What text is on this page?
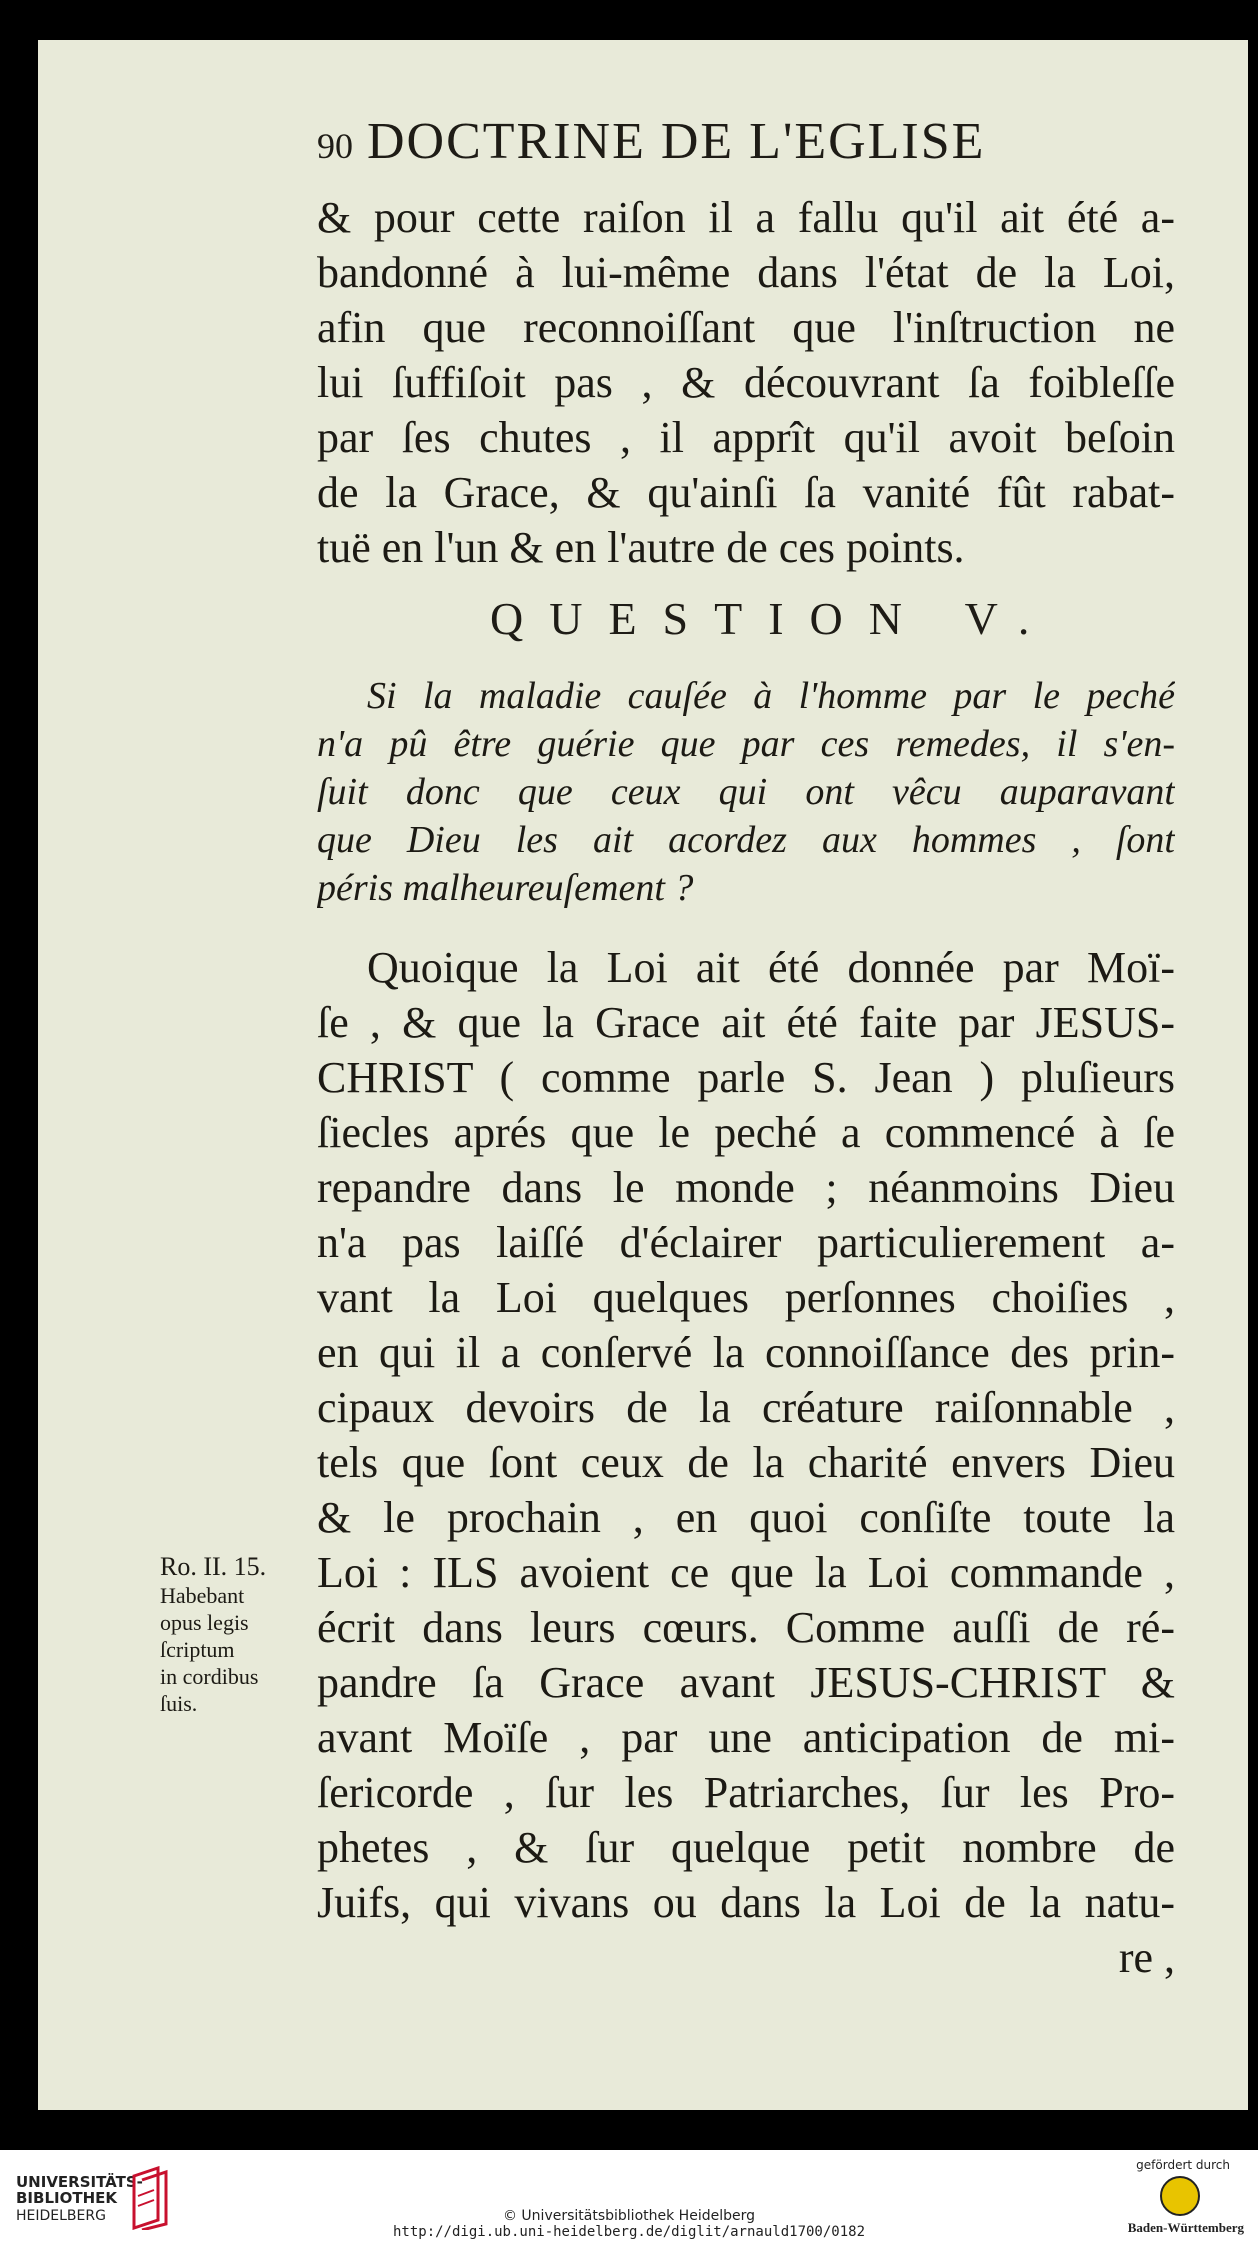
90 DOCTRINE DE L'EGLISE
& pour cette raiſon il a fallu qu'il ait été a-
bandonné à lui-même dans l'état de la Loi,
afin que reconnoiſſant que l'inſtruction ne
lui ſuffiſoit pas , & découvrant ſa foibleſſe
par ſes chutes , il apprît qu'il avoit beſoin
de la Grace, & qu'ainſi ſa vanité fût rabat-
tuë en l'un & en l'autre de ces points.
QUESTION V.
Si la maladie cauſée à l'homme par le peché
n'a pû être guérie que par ces remedes, il s'en-
ſuit donc que ceux qui ont vêcu auparavant
que Dieu les ait acordez aux hommes , ſont
péris malheureuſement ?
Quoique la Loi ait été donnée par Moï-
ſe , & que la Grace ait été faite par JESUS-
CHRIST ( comme parle S. Jean ) pluſieurs
ſiecles aprés que le peché a commencé à ſe
repandre dans le monde ; néanmoins Dieu
n'a pas laiſſé d'éclairer particulierement a-
vant la Loi quelques perſonnes choiſies ,
en qui il a conſervé la connoiſſance des prin-
cipaux devoirs de la créature raiſonnable ,
tels que ſont ceux de la charité envers Dieu
& le prochain , en quoi conſiſte toute la
Loi : ILS avoient ce que la Loi commande ,
écrit dans leurs cœurs. Comme auſſi de ré-
pandre ſa Grace avant JESUS-CHRIST &
avant Moïſe , par une anticipation de mi-
ſericorde , ſur les Patriarches, ſur les Pro-
phetes , & ſur quelque petit nombre de
Juifs, qui vivans ou dans la Loi de la natu-
re ,
Ro. II. 15.
Habebant
opus legis
ſcriptum
in cordibus
ſuis.
UNIVERSITÄTS-
BIBLIOTHEK
HEIDELBERG	© Universitätsbibliothek Heidelberg
http://digi.ub.uni-heidelberg.de/diglit/arnauld1700/0182
gefördert durch
Baden-Württemberg
